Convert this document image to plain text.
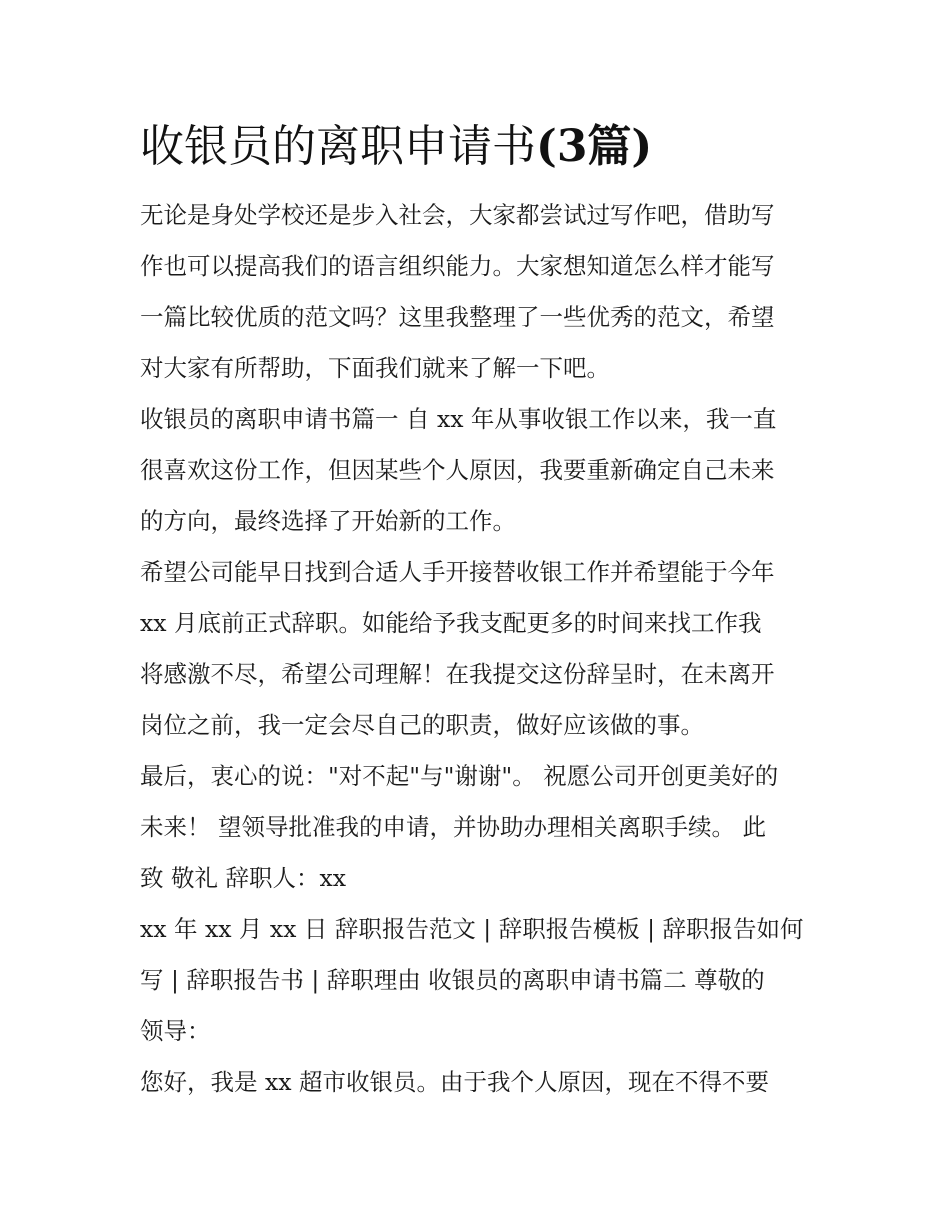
收银员的离职申请书(3篇)

无论是身处学校还是步入社会，大家都尝试过写作吧，借助写
作也可以提高我们的语言组织能力。大家想知道怎么样才能写
一篇比较优质的范文吗？这里我整理了一些优秀的范文，希望
对大家有所帮助，下面我们就来了解一下吧。

收银员的离职申请书篇一 自 xx 年从事收银工作以来，我一直
很喜欢这份工作，但因某些个人原因，我要重新确定自己未来
的方向，最终选择了开始新的工作。

希望公司能早日找到合适人手开接替收银工作并希望能于今年
xx 月底前正式辞职。如能给予我支配更多的时间来找工作我
将感激不尽，希望公司理解！在我提交这份辞呈时，在未离开
岗位之前，我一定会尽自己的职责，做好应该做的事。

最后，衷心的说："对不起"与"谢谢"。 祝愿公司开创更美好的
未来！ 望领导批准我的申请，并协助办理相关离职手续。 此
致 敬礼 辞职人：xx

xx 年 xx 月 xx 日 辞职报告范文 | 辞职报告模板 | 辞职报告如何
写 | 辞职报告书 | 辞职理由 收银员的离职申请书篇二 尊敬的
领导：

您好，我是 xx 超市收银员。由于我个人原因，现在不得不要
